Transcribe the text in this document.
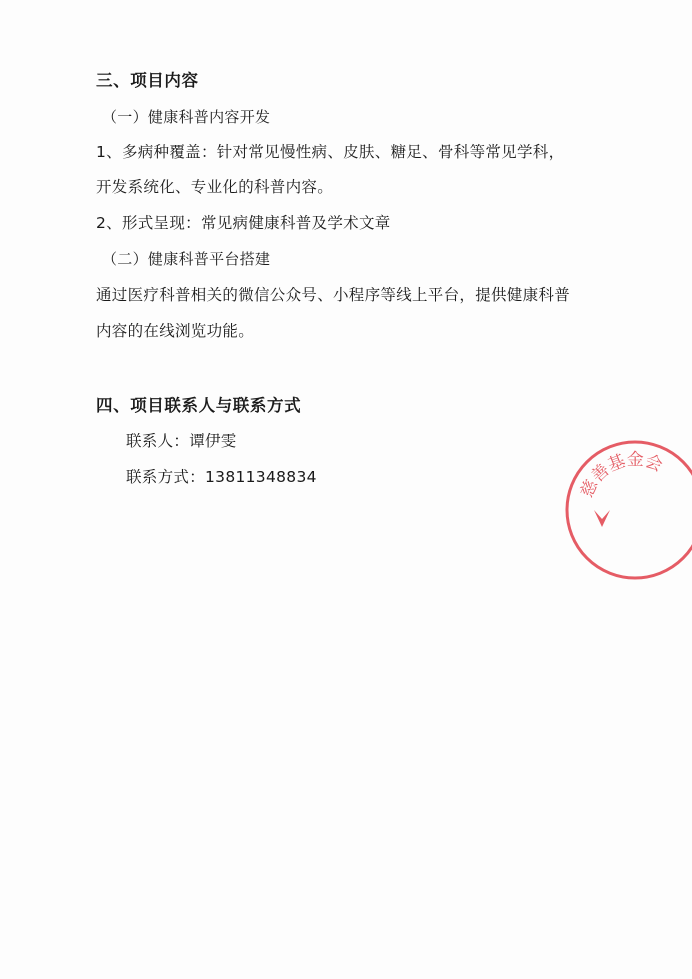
三、项目内容
（一）健康科普内容开发
1、多病种覆盖：针对常见慢性病、皮肤、糖足、骨科等常见学科，
开发系统化、专业化的科普内容。
2、形式呈现：常见病健康科普及学术文章
（二）健康科普平台搭建
通过医疗科普相关的微信公众号、小程序等线上平台，提供健康科普
内容的在线浏览功能。
四、项目联系人与联系方式
联系人：谭伊雯
联系方式：13811348834	慈善基金会
